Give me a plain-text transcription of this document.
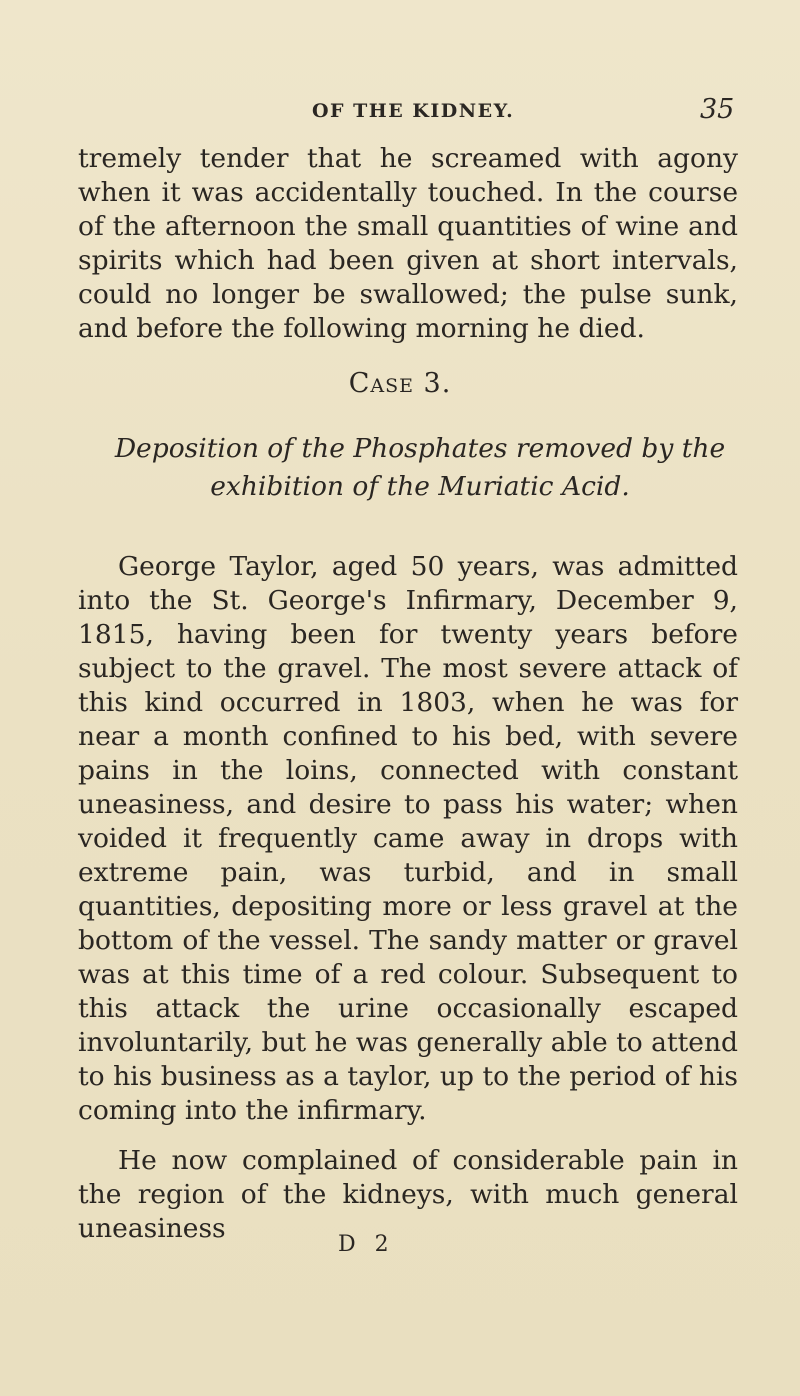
OF THE KIDNEY.	35

tremely tender that he screamed with agony when it was accidentally touched. In the course of the afternoon the small quantities of wine and spirits which had been given at short intervals, could no longer be swallowed; the pulse sunk, and before the following morning he died.

Case 3.

Deposition of the Phosphates removed by the exhibition of the Muriatic Acid.

George Taylor, aged 50 years, was admitted into the St. George's Infirmary, December 9, 1815, having been for twenty years before subject to the gravel. The most severe attack of this kind occurred in 1803, when he was for near a month confined to his bed, with severe pains in the loins, connected with constant uneasiness, and desire to pass his water; when voided it frequently came away in drops with extreme pain, was turbid, and in small quantities, depositing more or less gravel at the bottom of the vessel. The sandy matter or gravel was at this time of a red colour. Subsequent to this attack the urine occasionally escaped involuntarily, but he was generally able to attend to his business as a taylor, up to the period of his coming into the infirmary.

He now complained of considerable pain in the region of the kidneys, with much general uneasiness

D 2
